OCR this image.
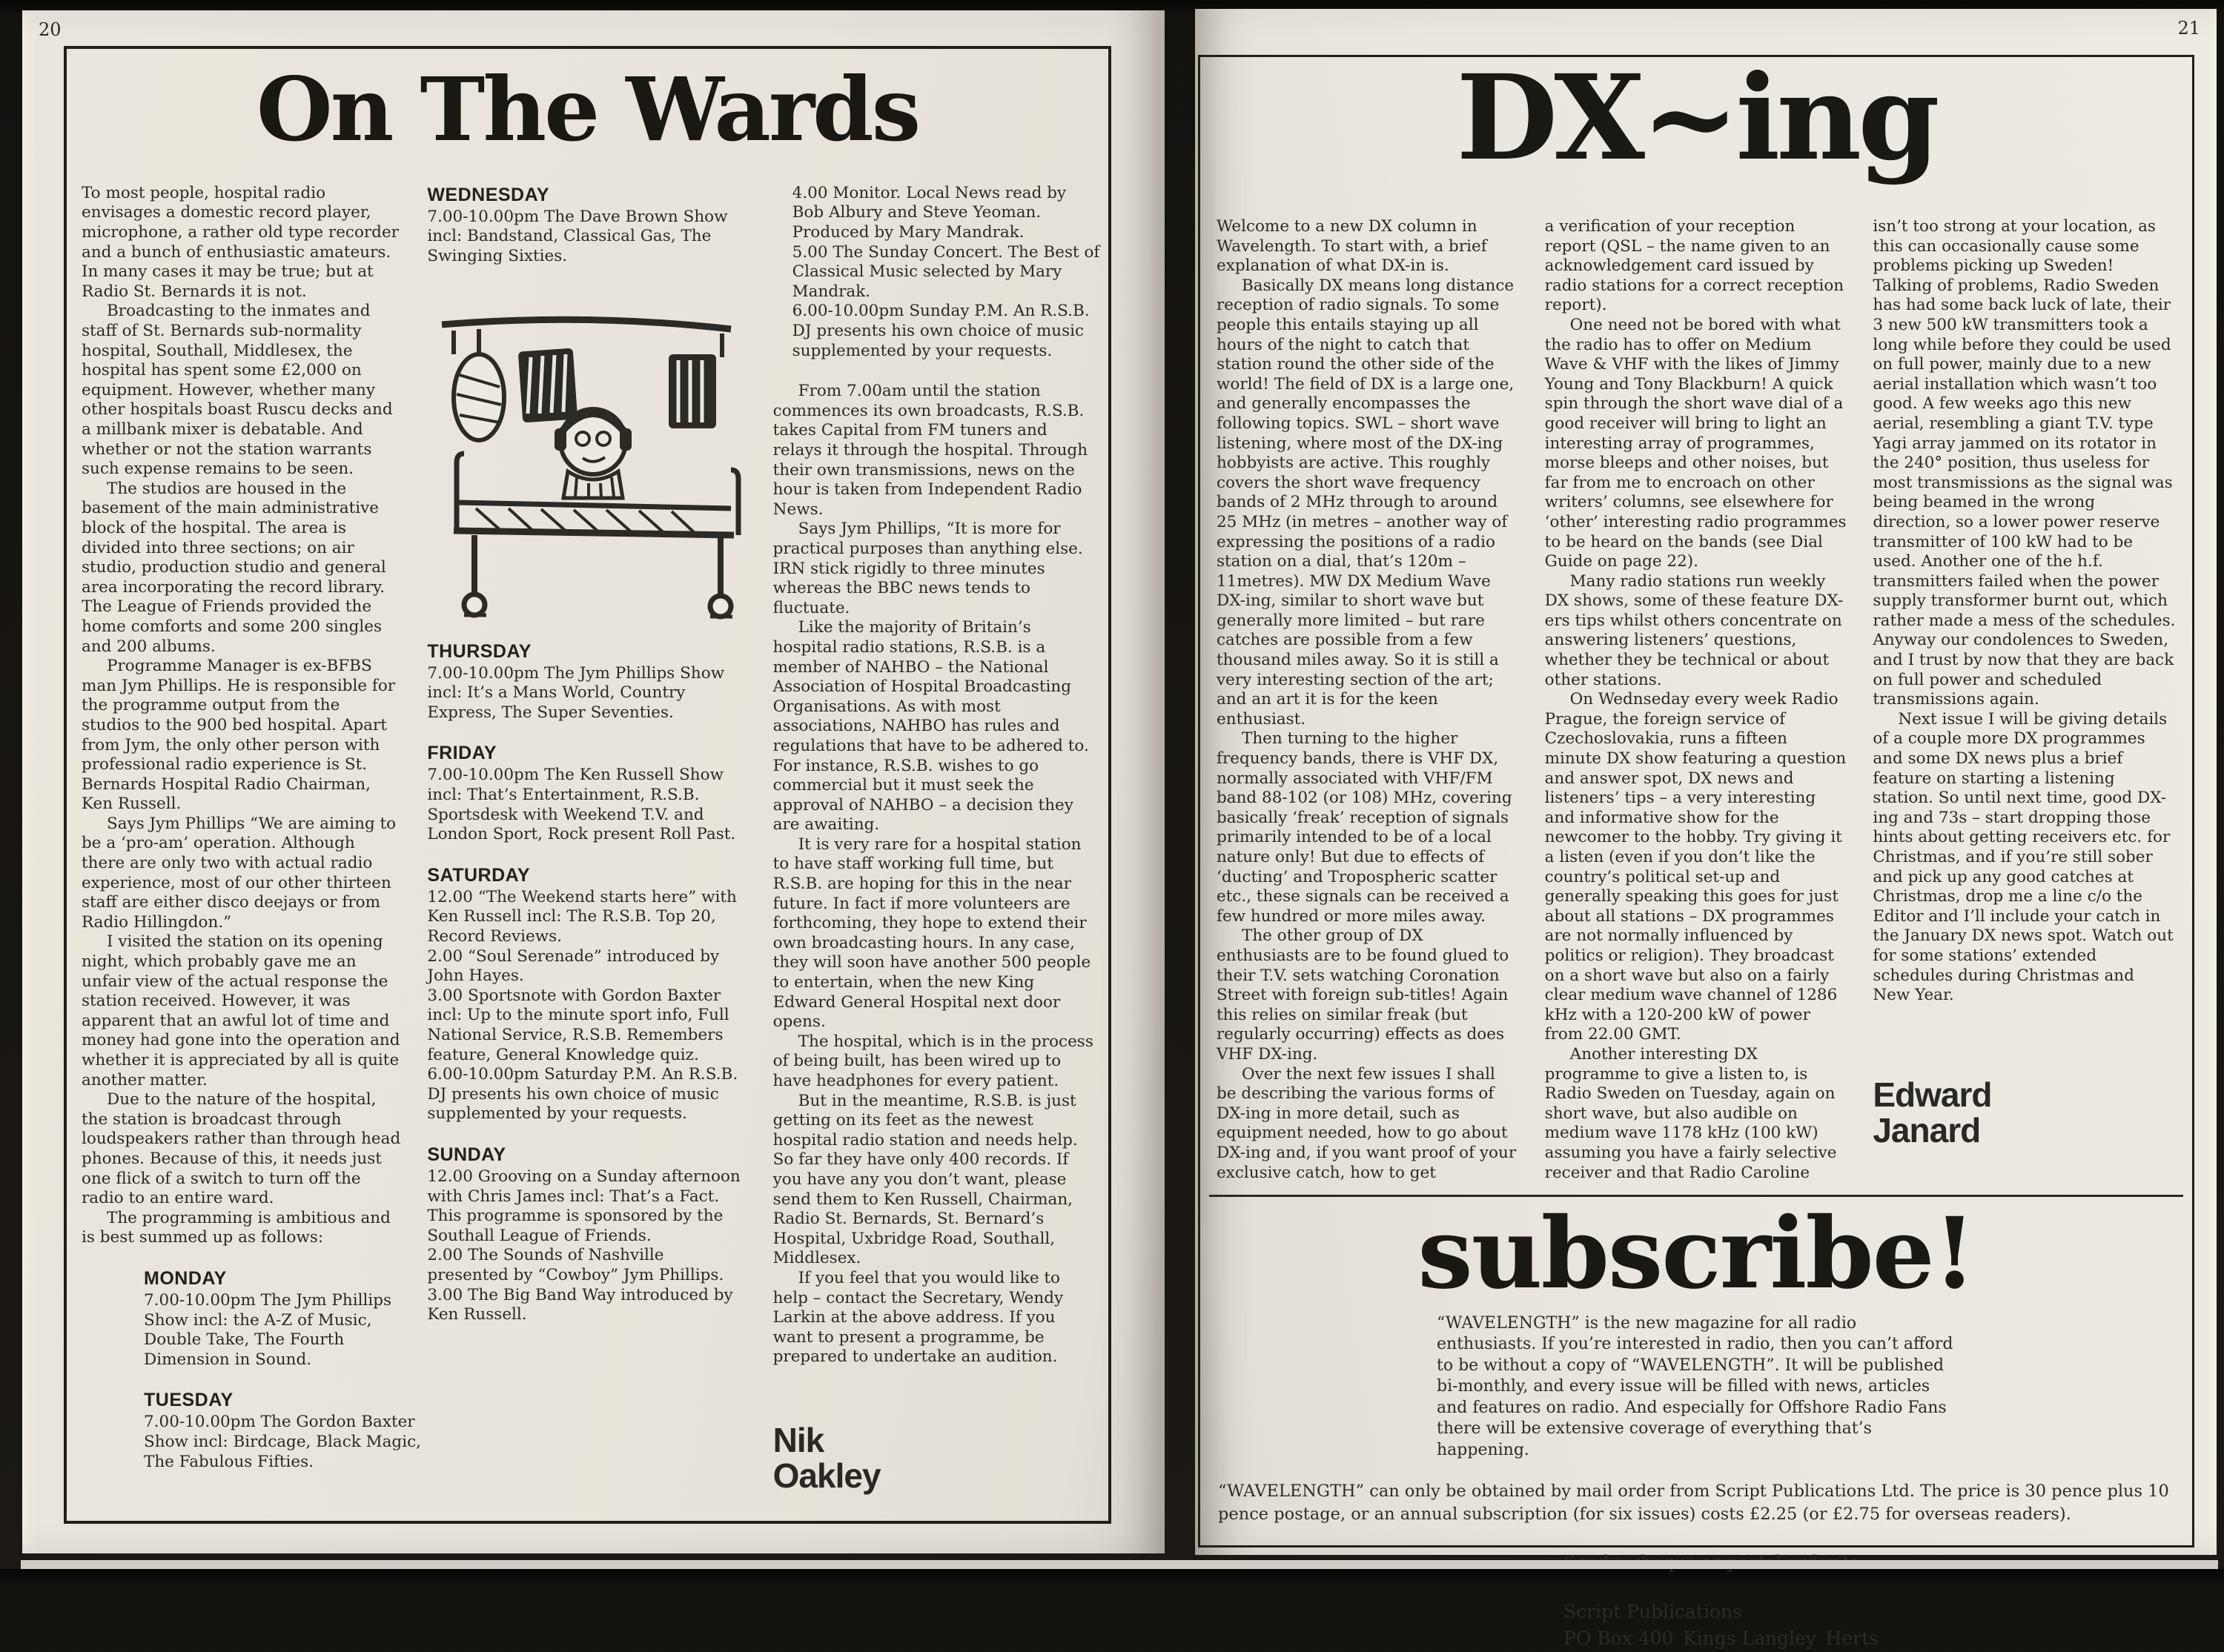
20
On The Wards

To most people, hospital radio envisages a domestic record player, microphone, a rather old type recorder and a bunch of enthusiastic amateurs. In many cases it may be true; but at Radio St. Bernards it is not.

Broadcasting to the inmates and staff of St. Bernards sub-normality hospital, Southall, Middlesex, the hospital has spent some £2,000 on equipment. However, whether many other hospitals boast Ruscu decks and a millbank mixer is debatable. And whether or not the station warrants such expense remains to be seen.

The studios are housed in the basement of the main administrative block of the hospital. The area is divided into three sections; on air studio, production studio and general area incorporating the record library. The League of Friends provided the home comforts and some 200 singles and 200 albums.

Programme Manager is ex-BFBS man Jym Phillips. He is responsible for the programme output from the studios to the 900 bed hospital. Apart from Jym, the only other person with professional radio experience is St. Bernards Hospital Radio Chairman, Ken Russell.

Says Jym Phillips “We are aiming to be a ‘pro-am’ operation. Although there are only two with actual radio experience, most of our other thirteen staff are either disco deejays or from Radio Hillingdon.”

I visited the station on its opening night, which probably gave me an unfair view of the actual response the station received. However, it was apparent that an awful lot of time and money had gone into the operation and whether it is appreciated by all is quite another matter.

Due to the nature of the hospital, the station is broadcast through loudspeakers rather than through head phones. Because of this, it needs just one flick of a switch to turn off the radio to an entire ward.

The programming is ambitious and is best summed up as follows:

MONDAY

7.00-10.00pm The Jym Phillips Show incl: the A-Z of Music, Double Take, The Fourth Dimension in Sound.

TUESDAY

7.00-10.00pm The Gordon Baxter Show incl: Birdcage, Black Magic, The Fabulous Fifties.

WEDNESDAY

7.00-10.00pm The Dave Brown Show incl: Bandstand, Classical Gas, The Swinging Sixties.

THURSDAY

7.00-10.00pm The Jym Phillips Show incl: It’s a Mans World, Country Express, The Super Seventies.

FRIDAY

7.00-10.00pm The Ken Russell Show incl: That’s Entertainment, R.S.B. Sportsdesk with Weekend T.V. and London Sport, Rock present Roll Past.

SATURDAY

12.00 “The Weekend starts here” with Ken Russell incl: The R.S.B. Top 20, Record Reviews.

2.00 “Soul Serenade” introduced by John Hayes.

3.00 Sportsnote with Gordon Baxter incl: Up to the minute sport info, Full National Service, R.S.B. Remembers feature, General Knowledge quiz.

6.00-10.00pm Saturday P.M. An R.S.B. DJ presents his own choice of music supplemented by your requests.

SUNDAY

12.00 Grooving on a Sunday afternoon with Chris James incl: That’s a Fact. This programme is sponsored by the Southall League of Friends.

2.00 The Sounds of Nashville presented by “Cowboy” Jym Phillips.

3.00 The Big Band Way introduced by Ken Russell.

4.00 Monitor. Local News read by Bob Albury and Steve Yeoman. Produced by Mary Mandrak.

5.00 The Sunday Concert. The Best of Classical Music selected by Mary Mandrak.

6.00-10.00pm Sunday P.M. An R.S.B. DJ presents his own choice of music supplemented by your requests.

From 7.00am until the station commences its own broadcasts, R.S.B. takes Capital from FM tuners and relays it through the hospital. Through their own transmissions, news on the hour is taken from Independent Radio News.

Says Jym Phillips, “It is more for practical purposes than anything else. IRN stick rigidly to three minutes whereas the BBC news tends to fluctuate.

Like the majority of Britain’s hospital radio stations, R.S.B. is a member of NAHBO – the National Association of Hospital Broadcasting Organisations. As with most associations, NAHBO has rules and regulations that have to be adhered to. For instance, R.S.B. wishes to go commercial but it must seek the approval of NAHBO – a decision they are awaiting.

It is very rare for a hospital station to have staff working full time, but R.S.B. are hoping for this in the near future. In fact if more volunteers are forthcoming, they hope to extend their own broadcasting hours. In any case, they will soon have another 500 people to entertain, when the new King Edward General Hospital next door opens.

The hospital, which is in the process of being built, has been wired up to have headphones for every patient.

But in the meantime, R.S.B. is just getting on its feet as the newest hospital radio station and needs help. So far they have only 400 records. If you have any you don’t want, please send them to Ken Russell, Chairman, Radio St. Bernards, St. Bernard’s Hospital, Uxbridge Road, Southall, Middlesex.

If you feel that you would like to help – contact the Secretary, Wendy Larkin at the above address. If you want to present a programme, be prepared to undertake an audition.

Nik
Oakley
21
DX~ing

Welcome to a new DX column in Wavelength. To start with, a brief explanation of what DX-in is.

Basically DX means long distance reception of radio signals. To some people this entails staying up all hours of the night to catch that station round the other side of the world! The field of DX is a large one, and generally encompasses the following topics. SWL – short wave listening, where most of the DX-ing hobbyists are active. This roughly covers the short wave frequency bands of 2 MHz through to around 25 MHz (in metres – another way of expressing the positions of a radio station on a dial, that’s 120m – 11metres). MW DX Medium Wave DX-ing, similar to short wave but generally more limited – but rare catches are possible from a few thousand miles away. So it is still a very interesting section of the art; and an art it is for the keen enthusiast.

Then turning to the higher frequency bands, there is VHF DX, normally associated with VHF/FM band 88-102 (or 108) MHz, covering basically ‘freak’ reception of signals primarily intended to be of a local nature only! But due to effects of ‘ducting’ and Tropospheric scatter etc., these signals can be received a few hundred or more miles away.

The other group of DX enthusiasts are to be found glued to their T.V. sets watching Coronation Street with foreign sub-titles! Again this relies on similar freak (but regularly occurring) effects as does VHF DX-ing.

Over the next few issues I shall be describing the various forms of DX-ing in more detail, such as equipment needed, how to go about DX-ing and, if you want proof of your exclusive catch, how to get

a verification of your reception report (QSL – the name given to an acknowledgement card issued by radio stations for a correct reception report).

One need not be bored with what the radio has to offer on Medium Wave & VHF with the likes of Jimmy Young and Tony Blackburn! A quick spin through the short wave dial of a good receiver will bring to light an interesting array of programmes, morse bleeps and other noises, but far from me to encroach on other writers’ columns, see elsewhere for ‘other’ interesting radio programmes to be heard on the bands (see Dial Guide on page 22).

Many radio stations run weekly DX shows, some of these feature DX-ers tips whilst others concentrate on answering listeners’ questions, whether they be technical or about other stations.

On Wednseday every week Radio Prague, the foreign service of Czechoslovakia, runs a fifteen minute DX show featuring a question and answer spot, DX news and listeners’ tips – a very interesting and informative show for the newcomer to the hobby. Try giving it a listen (even if you don’t like the country’s political set-up and generally speaking this goes for just about all stations – DX programmes are not normally influenced by politics or religion). They broadcast on a short wave but also on a fairly clear medium wave channel of 1286 kHz with a 120-200 kW of power from 22.00 GMT.

Another interesting DX programme to give a listen to, is Radio Sweden on Tuesday, again on short wave, but also audible on medium wave 1178 kHz (100 kW) assuming you have a fairly selective receiver and that Radio Caroline

isn’t too strong at your location, as this can occasionally cause some problems picking up Sweden! Talking of problems, Radio Sweden has had some back luck of late, their 3 new 500 kW transmitters took a long while before they could be used on full power, mainly due to a new aerial installation which wasn’t too good. A few weeks ago this new aerial, resembling a giant T.V. type Yagi array jammed on its rotator in the 240° position, thus useless for most transmissions as the signal was being beamed in the wrong direction, so a lower power reserve transmitter of 100 kW had to be used. Another one of the h.f. transmitters failed when the power supply transformer burnt out, which rather made a mess of the schedules. Anyway our condolences to Sweden, and I trust by now that they are back on full power and scheduled transmissions again.

Next issue I will be giving details of a couple more DX programmes and some DX news plus a brief feature on starting a listening station. So until next time, good DX-ing and 73s – start dropping those hints about getting receivers etc. for Christmas, and if you’re still sober and pick up any good catches at Christmas, drop me a line c/o the Editor and I’ll include your catch in the January DX news spot. Watch out for some stations’ extended schedules during Christmas and New Year.

Edward
Janard
subscribe!

“WAVELENGTH” is the new magazine for all radio enthusiasts. If you’re interested in radio, then you can’t afford to be without a copy of “WAVELENGTH”. It will be published bi-monthly, and every issue will be filled with news, articles and features on radio. And especially for Offshore Radio Fans there will be extensive coverage of everything that’s happening.

“WAVELENGTH” can only be obtained by mail order from Script Publications Ltd. The price is 30 pence plus 10 pence postage, or an annual subscription (for six issues) costs £2.25 (or £2.75 for overseas readers).

Script Publications
PO Box 400 Kings Langley Herts
